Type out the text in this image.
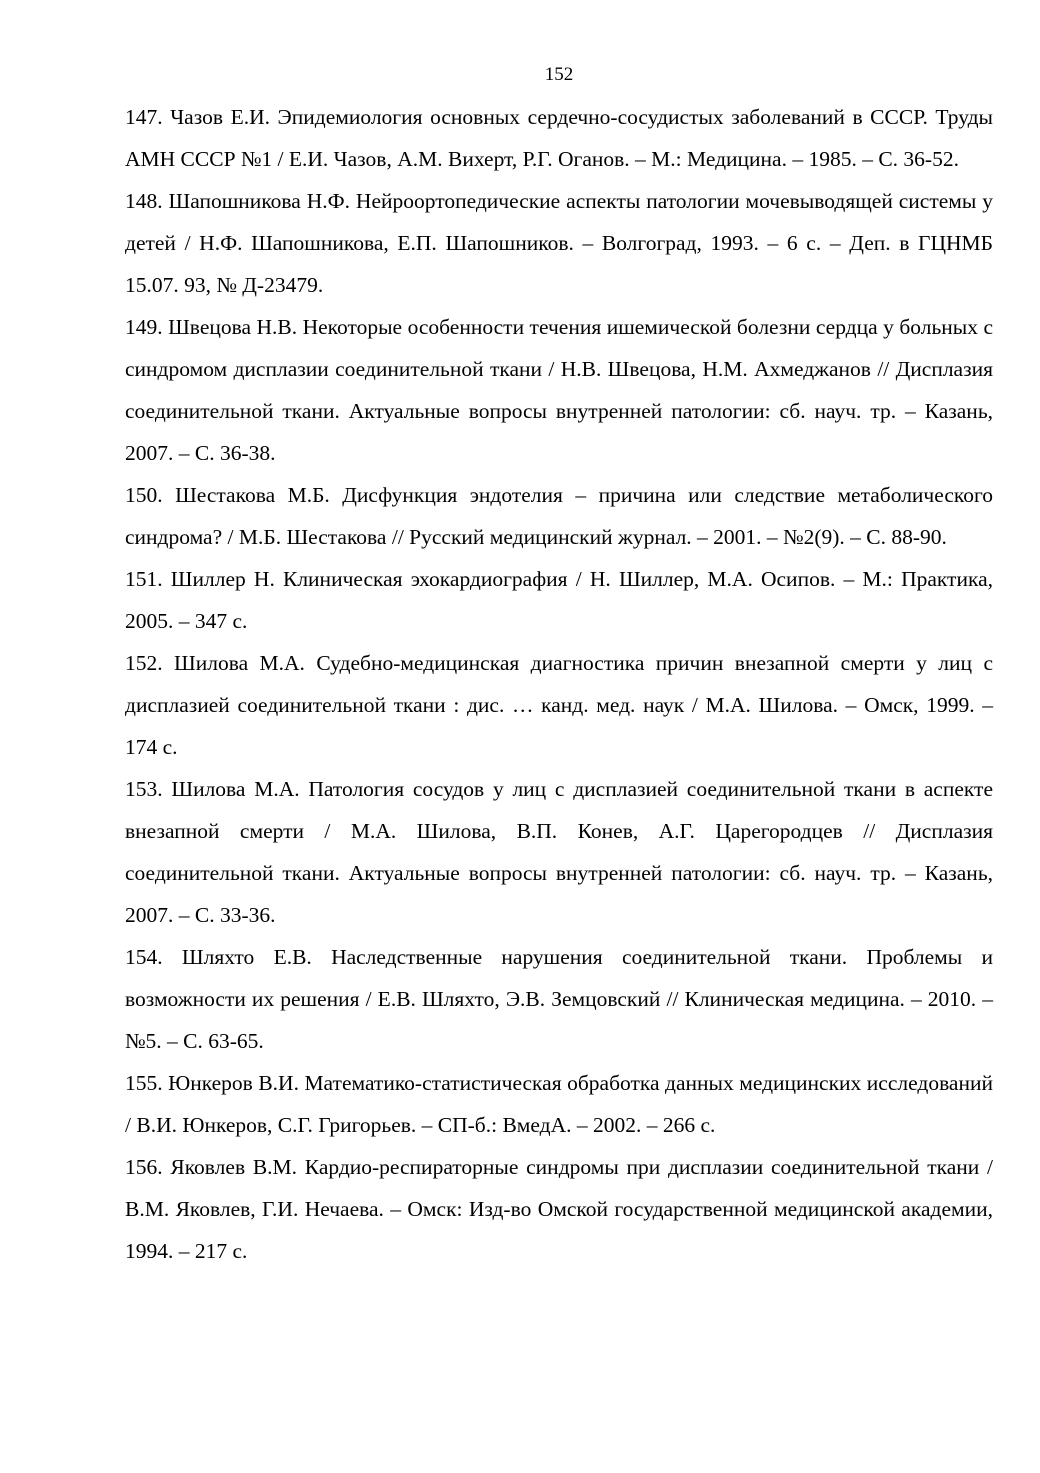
152

147. Чазов Е.И. Эпидемиология основных сердечно-сосудистых заболеваний в СССР. Труды АМН СССР №1 / Е.И. Чазов, А.М. Вихерт, Р.Г. Оганов. – М.: Медицина. – 1985. – С. 36-52.

148. Шапошникова Н.Ф. Нейроортопедические аспекты патологии мочевыводящей системы у детей / Н.Ф. Шапошникова, Е.П. Шапошников. – Волгоград, 1993. – 6 с. – Деп. в ГЦНМБ 15.07. 93, № Д-23479.

149. Швецова Н.В. Некоторые особенности течения ишемической болезни сердца у больных с синдромом дисплазии соединительной ткани / Н.В. Швецова, Н.М. Ахмеджанов // Дисплазия соединительной ткани. Актуальные вопросы внутренней патологии: сб. науч. тр. – Казань, 2007. – С. 36-38.

150. Шестакова М.Б. Дисфункция эндотелия – причина или следствие метаболического синдрома? / М.Б. Шестакова // Русский медицинский журнал. – 2001. – №2(9). – С. 88-90.

151. Шиллер Н. Клиническая эхокардиография / Н. Шиллер, М.А. Осипов. – М.: Практика, 2005. – 347 с.

152. Шилова М.А. Судебно-медицинская диагностика причин внезапной смерти у лиц с дисплазией соединительной ткани : дис. … канд. мед. наук / М.А. Шилова. – Омск, 1999. – 174 с.

153. Шилова М.А. Патология сосудов у лиц с дисплазией соединительной ткани в аспекте внезапной смерти / М.А. Шилова, В.П. Конев, А.Г. Царегородцев // Дисплазия соединительной ткани. Актуальные вопросы внутренней патологии: сб. науч. тр. – Казань, 2007. – С. 33-36.

154. Шляхто Е.В. Наследственные нарушения соединительной ткани. Проблемы и возможности их решения / Е.В. Шляхто, Э.В. Земцовский // Клиническая медицина. – 2010. – №5. – С. 63-65.

155. Юнкеров В.И. Математико-статистическая обработка данных медицинских исследований / В.И. Юнкеров, С.Г. Григорьев. – СП-б.: ВмедА. – 2002. – 266 с.

156. Яковлев В.М. Кардио-респираторные синдромы при дисплазии соединительной ткани / В.М. Яковлев, Г.И. Нечаева. – Омск: Изд-во Омской государственной медицинской академии, 1994. – 217 с.
